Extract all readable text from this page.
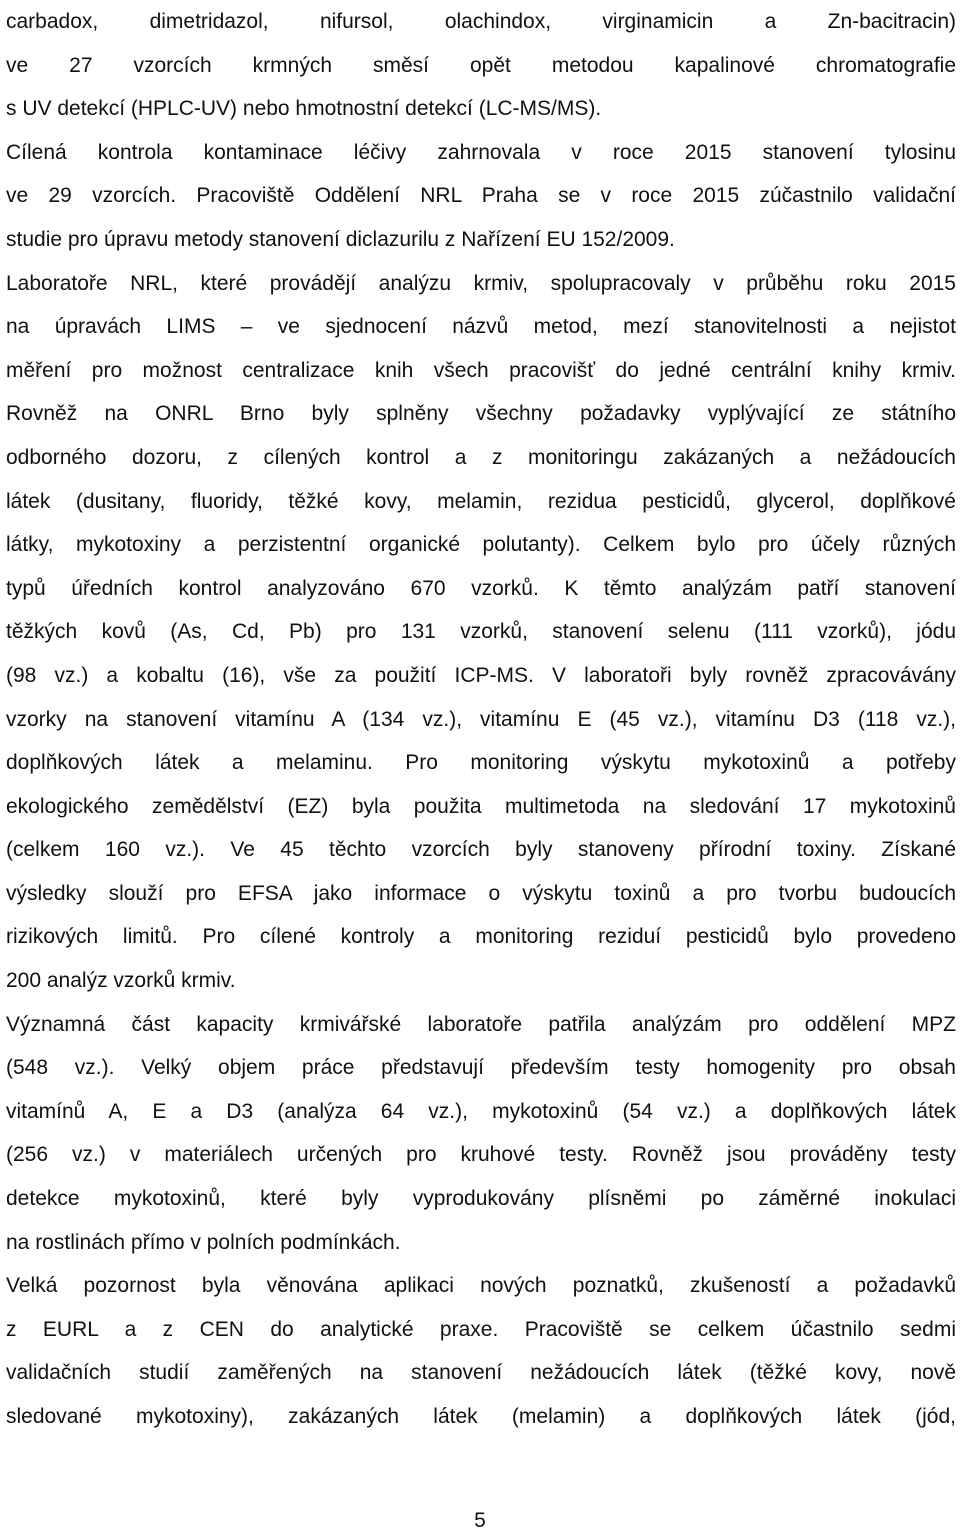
carbadox, dimetridazol, nifursol, olachindox, virginamicin a Zn-bacitracin)
ve 27 vzorcích krmných směsí opět metodou kapalinové chromatografie
s UV detekcí (HPLC-UV) nebo hmotnostní detekcí (LC-MS/MS).
Cílená kontrola kontaminace léčivy zahrnovala v roce 2015 stanovení tylosinu
ve 29 vzorcích. Pracoviště Oddělení NRL Praha se v roce 2015 zúčastnilo validační
studie pro úpravu metody stanovení diclazurilu z Nařízení EU 152/2009.
Laboratoře NRL, které provádějí analýzu krmiv, spolupracovaly v průběhu roku 2015
na úpravách LIMS – ve sjednocení názvů metod, mezí stanovitelnosti a nejistot
měření pro možnost centralizace knih všech pracovišť do jedné centrální knihy krmiv.
Rovněž na ONRL Brno byly splněny všechny požadavky vyplývající ze státního
odborného dozoru, z cílených kontrol a z monitoringu zakázaných a nežádoucích
látek (dusitany, fluoridy, těžké kovy, melamin, rezidua pesticidů, glycerol, doplňkové
látky, mykotoxiny a perzistentní organické polutanty). Celkem bylo pro účely různých
typů úředních kontrol analyzováno 670 vzorků. K těmto analýzám patří stanovení
těžkých kovů (As, Cd, Pb) pro 131 vzorků, stanovení selenu (111 vzorků), jódu
(98 vz.) a kobaltu (16), vše za použití ICP-MS. V laboratoři byly rovněž zpracovávány
vzorky na stanovení vitamínu A (134 vz.), vitamínu E (45 vz.), vitamínu D3 (118 vz.),
doplňkových látek a melaminu. Pro monitoring výskytu mykotoxinů a potřeby
ekologického zemědělství (EZ) byla použita multimetoda na sledování 17 mykotoxinů
(celkem 160 vz.). Ve 45 těchto vzorcích byly stanoveny přírodní toxiny. Získané
výsledky slouží pro EFSA jako informace o výskytu toxinů a pro tvorbu budoucích
rizikových limitů. Pro cílené kontroly a monitoring reziduí pesticidů bylo provedeno
200 analýz vzorků krmiv.
Významná část kapacity krmivářské laboratoře patřila analýzám pro oddělení MPZ
(548 vz.). Velký objem práce představují především testy homogenity pro obsah
vitamínů A, E a D3 (analýza 64 vz.), mykotoxinů (54 vz.) a doplňkových látek
(256 vz.) v materiálech určených pro kruhové testy. Rovněž jsou prováděny testy
detekce mykotoxinů, které byly vyprodukovány plísněmi po záměrné inokulaci
na rostlinách přímo v polních podmínkách.
Velká pozornost byla věnována aplikaci nových poznatků, zkušeností a požadavků
z EURL a z CEN do analytické praxe. Pracoviště se celkem účastnilo sedmi
validačních studií zaměřených na stanovení nežádoucích látek (těžké kovy, nově
sledované mykotoxiny), zakázaných látek (melamin) a doplňkových látek (jód,
5
